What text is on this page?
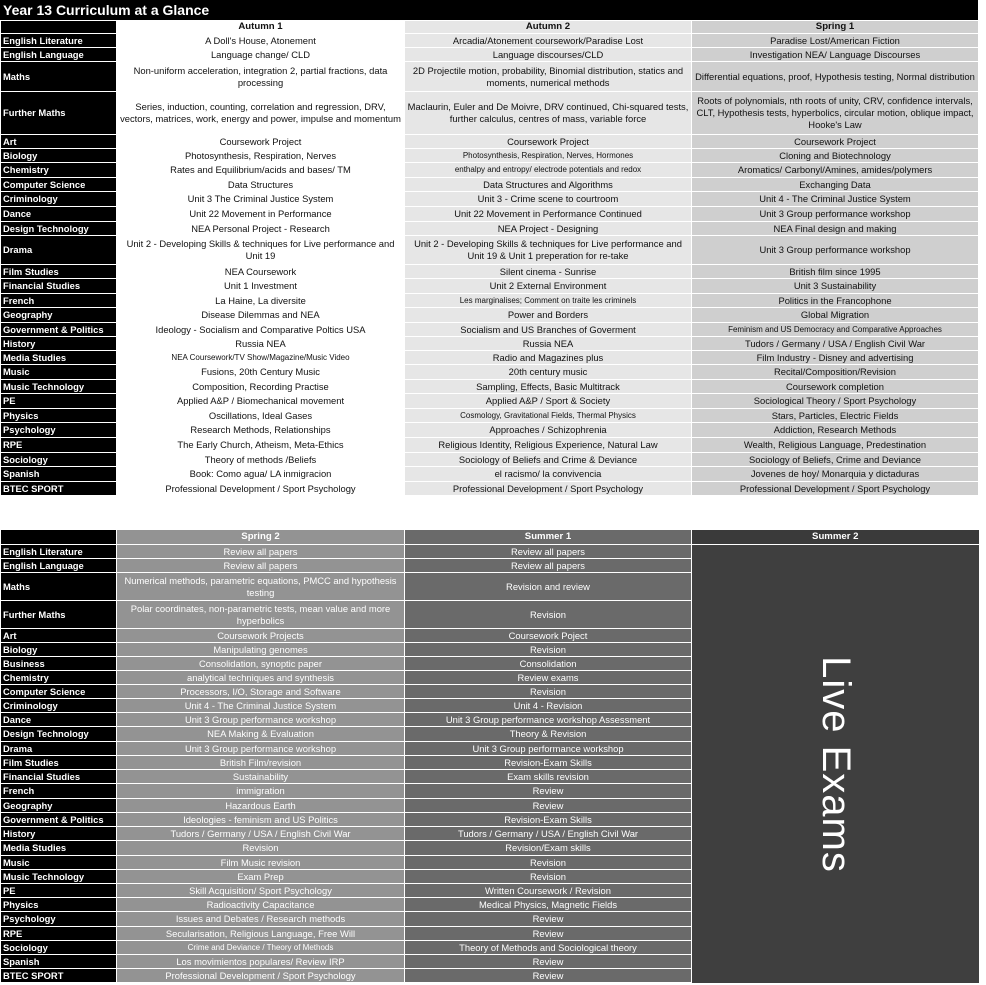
Year 13 Curriculum at a Glance
	Autumn 1	Autumn 2	Spring 1
English Literature	A Doll's House, Atonement	Arcadia/Atonement coursework/Paradise Lost	Paradise Lost/American Fiction
English Language	Language change/ CLD	Language discourses/CLD	Investigation NEA/ Language Discourses
Maths	Non-uniform acceleration, integration 2, partial fractions, data processing	2D Projectile motion, probability, Binomial distribution, statics and moments, numerical methods	Differential equations, proof, Hypothesis testing, Normal distribution
Further Maths	Series, induction, counting, correlation and regression, DRV, vectors, matrices, work, energy and power, impulse and momentum	Maclaurin, Euler and De Moivre, DRV continued, Chi-squared tests, further calculus, centres of mass, variable force	Roots of polynomials, nth roots of unity, CRV, confidence intervals, CLT, Hypothesis tests, hyperbolics, circular motion, oblique impact, Hooke's Law
Art	Coursework Project	Coursework Project	Coursework Project
Biology	Photosynthesis, Respiration, Nerves	Photosynthesis, Respiration, Nerves, Hormones	Cloning and Biotechnology
Chemistry	Rates and Equilibrium/acids and bases/ TM	enthalpy and entropy/ electrode potentials and redox	Aromatics/ Carbonyl/Amines, amides/polymers
Computer Science	Data Structures	Data Structures and Algorithms	Exchanging Data
Criminology	Unit 3 The Criminal Justice System	Unit 3 - Crime scene to courtroom	Unit 4 - The Criminal Justice System
Dance	Unit 22 Movement in Performance	Unit 22 Movement in Performance Continued	Unit 3 Group performance workshop
Design Technology	NEA Personal Project - Research	NEA Project - Designing	NEA Final design and making
Drama	Unit 2 - Developing Skills & techniques for Live performance and Unit 19	Unit 2 - Developing Skills & techniques for Live performance and Unit 19 & Unit 1 preperation for re-take	Unit 3 Group performance workshop
Film Studies	NEA Coursework	Silent cinema - Sunrise	British film since 1995
Financial Studies	Unit 1 Investment	Unit 2 External Environment	Unit 3 Sustainability
French	La Haine, La diversite	Les marginalises; Comment on traite les criminels	Politics in the Francophone
Geography	Disease Dilemmas and NEA	Power and Borders	Global Migration
Government & Politics	Ideology - Socialism and Comparative Poltics USA	Socialism and US Branches of Goverment	Feminism and US Democracy and Comparative Approaches
History	Russia NEA	Russia NEA	Tudors / Germany / USA / English Civil War
Media Studies	NEA Coursework/TV Show/Magazine/Music Video	Radio and Magazines plus	Film Industry - Disney and advertising
Music	Fusions, 20th Century Music	20th century music	Recital/Composition/Revision
Music Technology	Composition, Recording Practise	Sampling, Effects, Basic Multitrack	Coursework completion
PE	Applied A&P / Biomechanical movement	Applied A&P / Sport & Society	Sociological Theory / Sport Psychology
Physics	Oscillations, Ideal Gases	Cosmology, Gravitational Fields, Thermal Physics	Stars, Particles, Electric Fields
Psychology	Research Methods, Relationships	Approaches / Schizophrenia	Addiction, Research Methods
RPE	The Early Church, Atheism, Meta-Ethics	Religious Identity, Religious Experience, Natural Law	Wealth, Religious Language, Predestination
Sociology	Theory of methods /Beliefs	Sociology of Beliefs and Crime & Deviance	Sociology of Beliefs, Crime and Deviance
Spanish	Book: Como agua/ LA inmigracion	el racismo/ la convivencia	Jovenes de hoy/ Monarquia y dictaduras
BTEC SPORT	Professional Development / Sport Psychology	Professional Development / Sport Psychology	Professional Development / Sport Psychology
	Spring 2	Summer 1	Summer 2
English Literature	Review all papers	Review all papers	
English Language	Review all papers	Review all papers	
Maths	Numerical methods, parametric equations, PMCC and hypothesis testing	Revision and review	
Further Maths	Polar coordinates, non-parametric tests, mean value and more hyperbolics	Revision	
Art	Coursework Projects	Coursework Poject	
Biology	Manipulating genomes	Revision	
Business	Consolidation, synoptic paper	Consolidation	
Chemistry	analytical techniques and synthesis	Review exams	
Computer Science	Processors, I/O, Storage and Software	Revision	
Criminology	Unit 4 - The Criminal Justice System	Unit 4 - Revision	
Dance	Unit 3 Group performance workshop	Unit 3 Group performance workshop Assessment	
Design Technology	NEA Making & Evaluation	Theory & Revision	
Drama	Unit 3 Group performance workshop	Unit 3 Group performance workshop	
Film Studies	British Film/revision	Revision-Exam Skills	
Financial Studies	Sustainability	Exam skills revision	
French	immigration	Review	
Geography	Hazardous Earth	Review	
Government & Politics	Ideologies - feminism and US Politics	Revision-Exam Skills	
History	Tudors / Germany / USA / English Civil War	Tudors / Germany / USA / English Civil War	
Media Studies	Revision	Revision/Exam skills	
Music	Film Music revision	Revision	
Music Technology	Exam Prep	Revision	
PE	Skill Acquisition/ Sport Psychology	Written Coursework / Revision	
Physics	Radioactivity Capacitance	Medical Physics, Magnetic Fields	
Psychology	Issues and Debates / Research methods	Review	
RPE	Secularisation, Religious Language, Free Will	Review	
Sociology	Crime and Deviance / Theory of Methods	Theory of Methods and Sociological theory	
Spanish	Los movimientos populares/ Review IRP	Review	
BTEC SPORT	Professional Development / Sport Psychology	Review	
Live Exams
